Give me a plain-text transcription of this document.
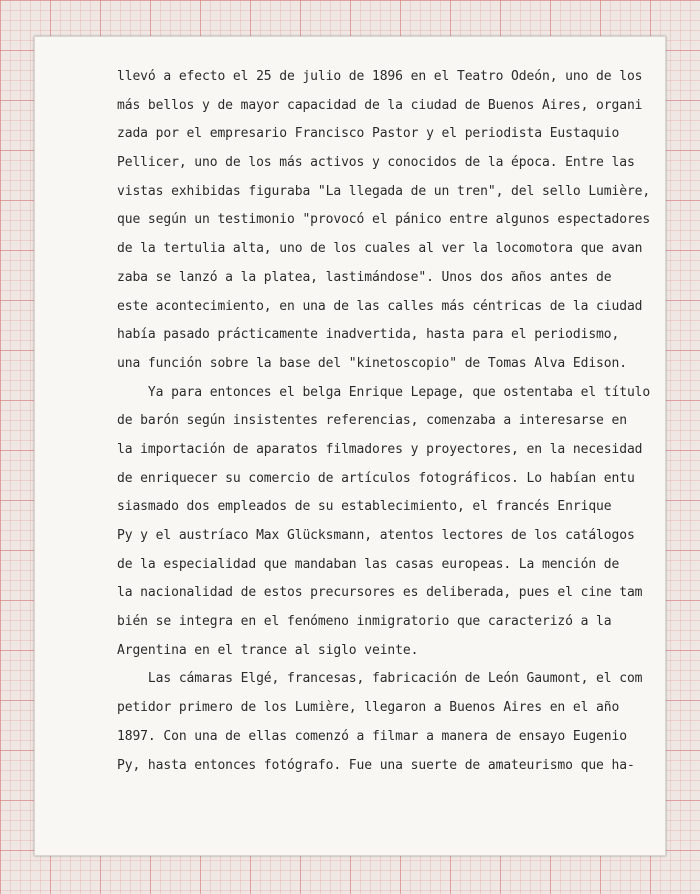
llevó a efecto el 25 de julio de 1896 en el Teatro Odeón, uno de los
más bellos y de mayor capacidad de la ciudad de Buenos Aires, organi
zada por el empresario Francisco Pastor y el periodista Eustaquio
Pellicer, uno de los más activos y conocidos de la época. Entre las
vistas exhibidas figuraba "La llegada de un tren", del sello Lumière,
que según un testimonio "provocó el pánico entre algunos espectadores
de la tertulia alta, uno de los cuales al ver la locomotora que avan
zaba se lanzó a la platea, lastimándose". Unos dos años antes de
este acontecimiento, en una de las calles más céntricas de la ciudad
había pasado prácticamente inadvertida, hasta para el periodismo,
una función sobre la base del "kinetoscopio" de Tomas Alva Edison.
Ya para entonces el belga Enrique Lepage, que ostentaba el título
de barón según insistentes referencias, comenzaba a interesarse en
la importación de aparatos filmadores y proyectores, en la necesidad
de enriquecer su comercio de artículos fotográficos. Lo habían entu
siasmado dos empleados de su establecimiento, el francés Enrique
Py y el austríaco Max Glücksmann, atentos lectores de los catálogos
de la especialidad que mandaban las casas europeas. La mención de
la nacionalidad de estos precursores es deliberada, pues el cine tam
bién se integra en el fenómeno inmigratorio que caracterizó a la
Argentina en el trance al siglo veinte.
Las cámaras Elgé, francesas, fabricación de León Gaumont, el com
petidor primero de los Lumière, llegaron a Buenos Aires en el año
1897. Con una de ellas comenzó a filmar a manera de ensayo Eugenio
Py, hasta entonces fotógrafo. Fue una suerte de amateurismo que ha-
